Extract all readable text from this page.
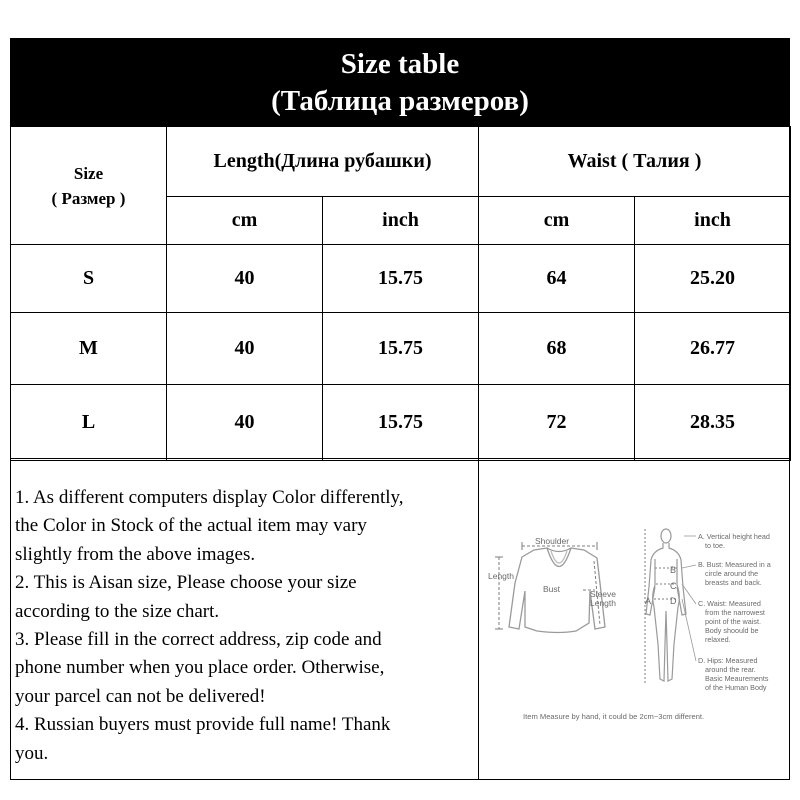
Size table
(Таблица размеров)
Size
( Размер )	Length(Длина рубашки)		Waist ( Талия )	
	cm	inch	cm	inch
S	40	15.75	64	25.20
M	40	15.75	68	26.77
L	40	15.75	72	28.35

1. As different computers display Color differently,

the Color in Stock of the actual item may vary

slightly from the above images.

2. This is Aisan size, Please choose your size

according to the size chart.

3. Please fill in the correct address, zip code and

phone number when you place order. Otherwise,

your parcel can not be delivered!

4. Russian buyers must provide full name! Thank

you.

Shoulder
Length
Bust	Sleeve
Length	A
B
C
D
A. Vertical height head
to toe.
B. Bust: Measured in a
circle around the
breasts and back.
C. Waist: Measured
from the narrowest
point of the waist.
Body shoould be
relaxed.
D. Hips: Measured
around the rear.
Basic Meaurements
of the Human Body
Item Measure by hand, it could be 2cm~3cm different.
